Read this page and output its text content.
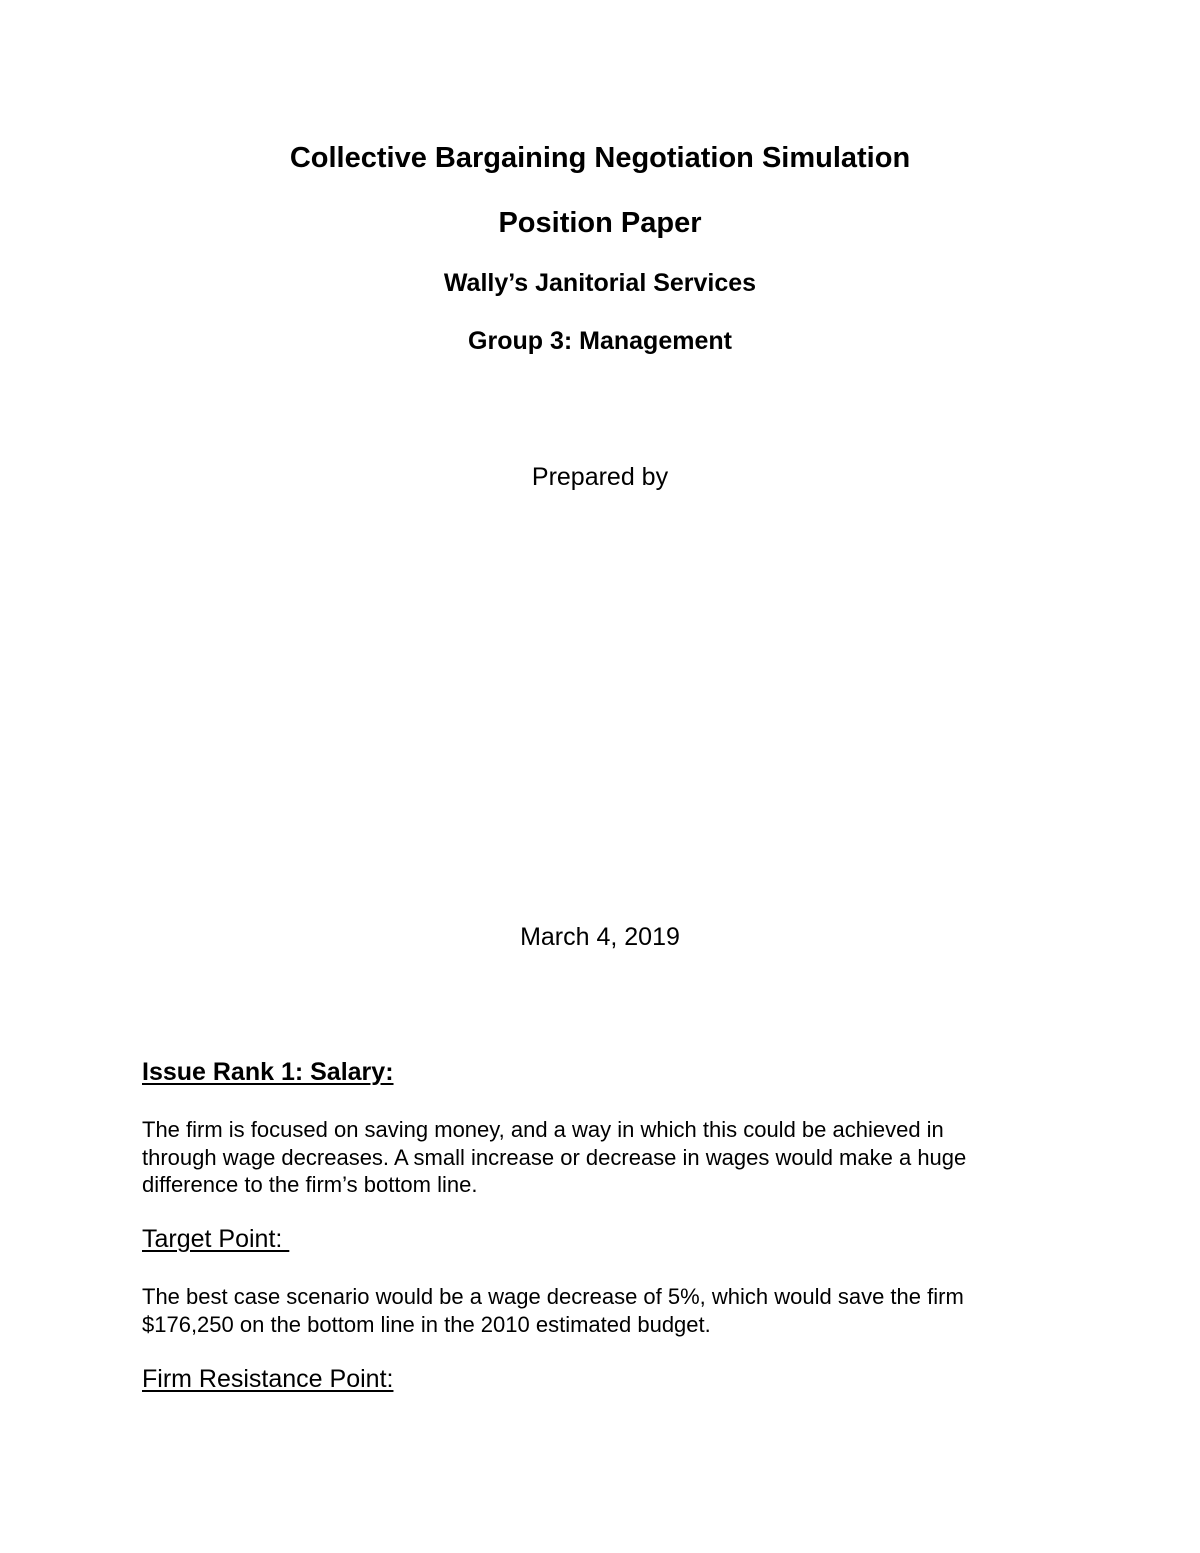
Collective Bargaining Negotiation Simulation
Position Paper
Wally’s Janitorial Services
Group 3: Management
Prepared by
March 4, 2019
Issue Rank 1: Salary:
The firm is focused on saving money, and a way in which this could be achieved in
through wage decreases. A small increase or decrease in wages would make a huge
difference to the firm’s bottom line.
Target Point:
The best case scenario would be a wage decrease of 5%, which would save the firm
$176,250 on the bottom line in the 2010 estimated budget.
Firm Resistance Point:
